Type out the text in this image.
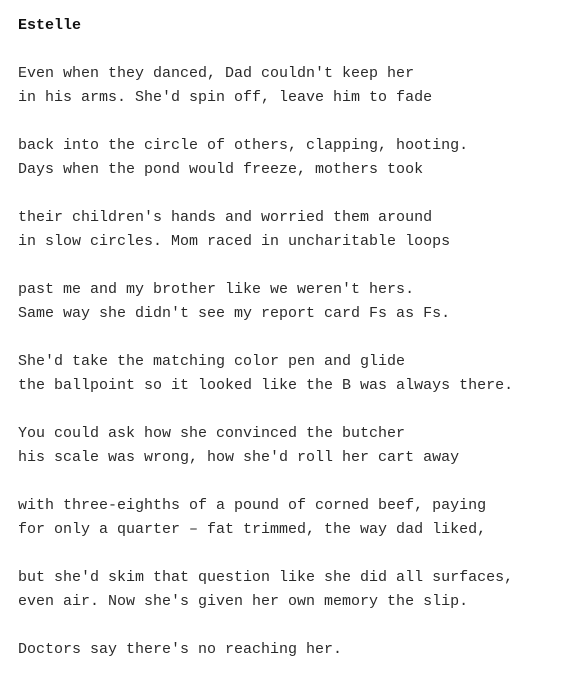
Estelle
Even when they danced, Dad couldn't keep her
in his arms. She'd spin off, leave him to fade
back into the circle of others, clapping, hooting.
Days when the pond would freeze, mothers took
their children's hands and worried them around
in slow circles. Mom raced in uncharitable loops
past me and my brother like we weren't hers.
Same way she didn't see my report card Fs as Fs.
She'd take the matching color pen and glide
the ballpoint so it looked like the B was always there.
You could ask how she convinced the butcher
his scale was wrong, how she'd roll her cart away
with three-eighths of a pound of corned beef, paying
for only a quarter – fat trimmed, the way dad liked,
but she'd skim that question like she did all surfaces,
even air. Now she's given her own memory the slip.
Doctors say there's no reaching her.
